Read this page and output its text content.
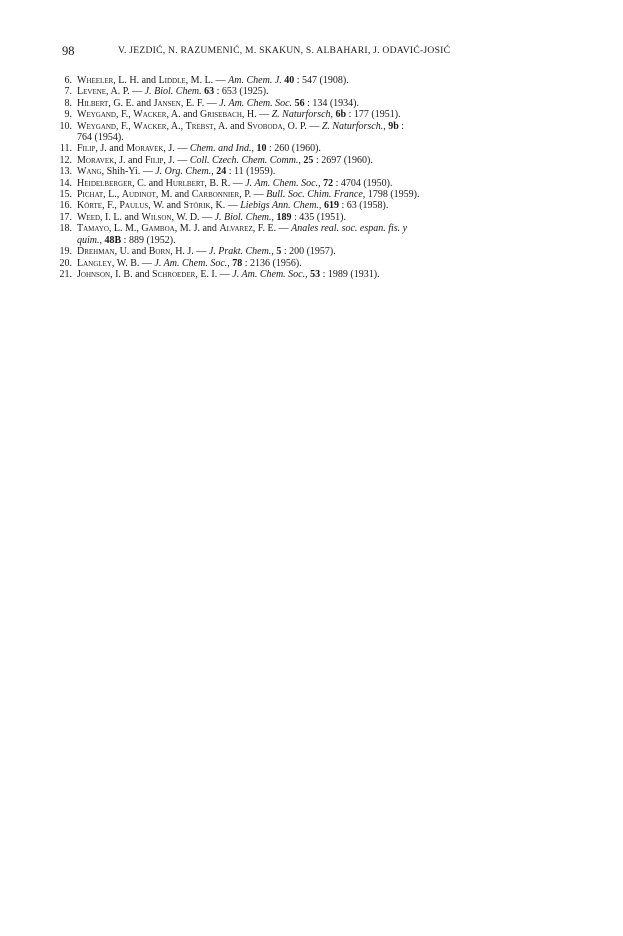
98	V. JEZDIĆ, N. RAZUMENIĆ, M. SKAKUN, S. ALBAHARI, J. ODAVIĆ-JOSIĆ
6. Wheeler, L. H. and Liddle, M. L. — Am. Chem. J. 40 : 547 (1908).
7. Levene, A. P. — J. Biol. Chem. 63 : 653 (1925).
8. Hilbert, G. E. and Jansen, E. F. — J. Am. Chem. Soc. 56 : 134 (1934).
9. Weygand, F., Wacker, A. and Grisebach, H. — Z. Naturforsch, 6b : 177 (1951).
10. Weygand, F., Wacker, A., Trebst, A. and Svoboda, O. P. — Z. Naturforsch., 9b :
764 (1954).
11. Filip, J. and Moravek, J. — Chem. and Ind., 10 : 260 (1960).
12. Moravek, J. and Filip, J. — Coll. Czech. Chem. Comm., 25 : 2697 (1960).
13. Wang, Shih-Yi. — J. Org. Chem., 24 : 11 (1959).
14. Heidelberger, C. and Hurlbert, B. R. — J. Am. Chem. Soc., 72 : 4704 (1950).
15. Pichat, L., Audinot, M. and Carbonnier, P. — Bull. Soc. Chim. France, 1798 (1959).
16. Körte, F., Paulus, W. and Störik, K. — Liebigs Ann. Chem., 619 : 63 (1958).
17. Weed, I. L. and Wilson, W. D. — J. Biol. Chem., 189 : 435 (1951).
18. Tamayo, L. M., Gamboa, M. J. and Alvarez, F. E. — Anales real. soc. espan. fis. y
quim., 48B : 889 (1952).
19. Drehman, U. and Born, H. J. — J. Prakt. Chem., 5 : 200 (1957).
20. Langley, W. B. — J. Am. Chem. Soc., 78 : 2136 (1956).
21. Johnson, I. B. and Schroeder, E. I. — J. Am. Chem. Soc., 53 : 1989 (1931).
